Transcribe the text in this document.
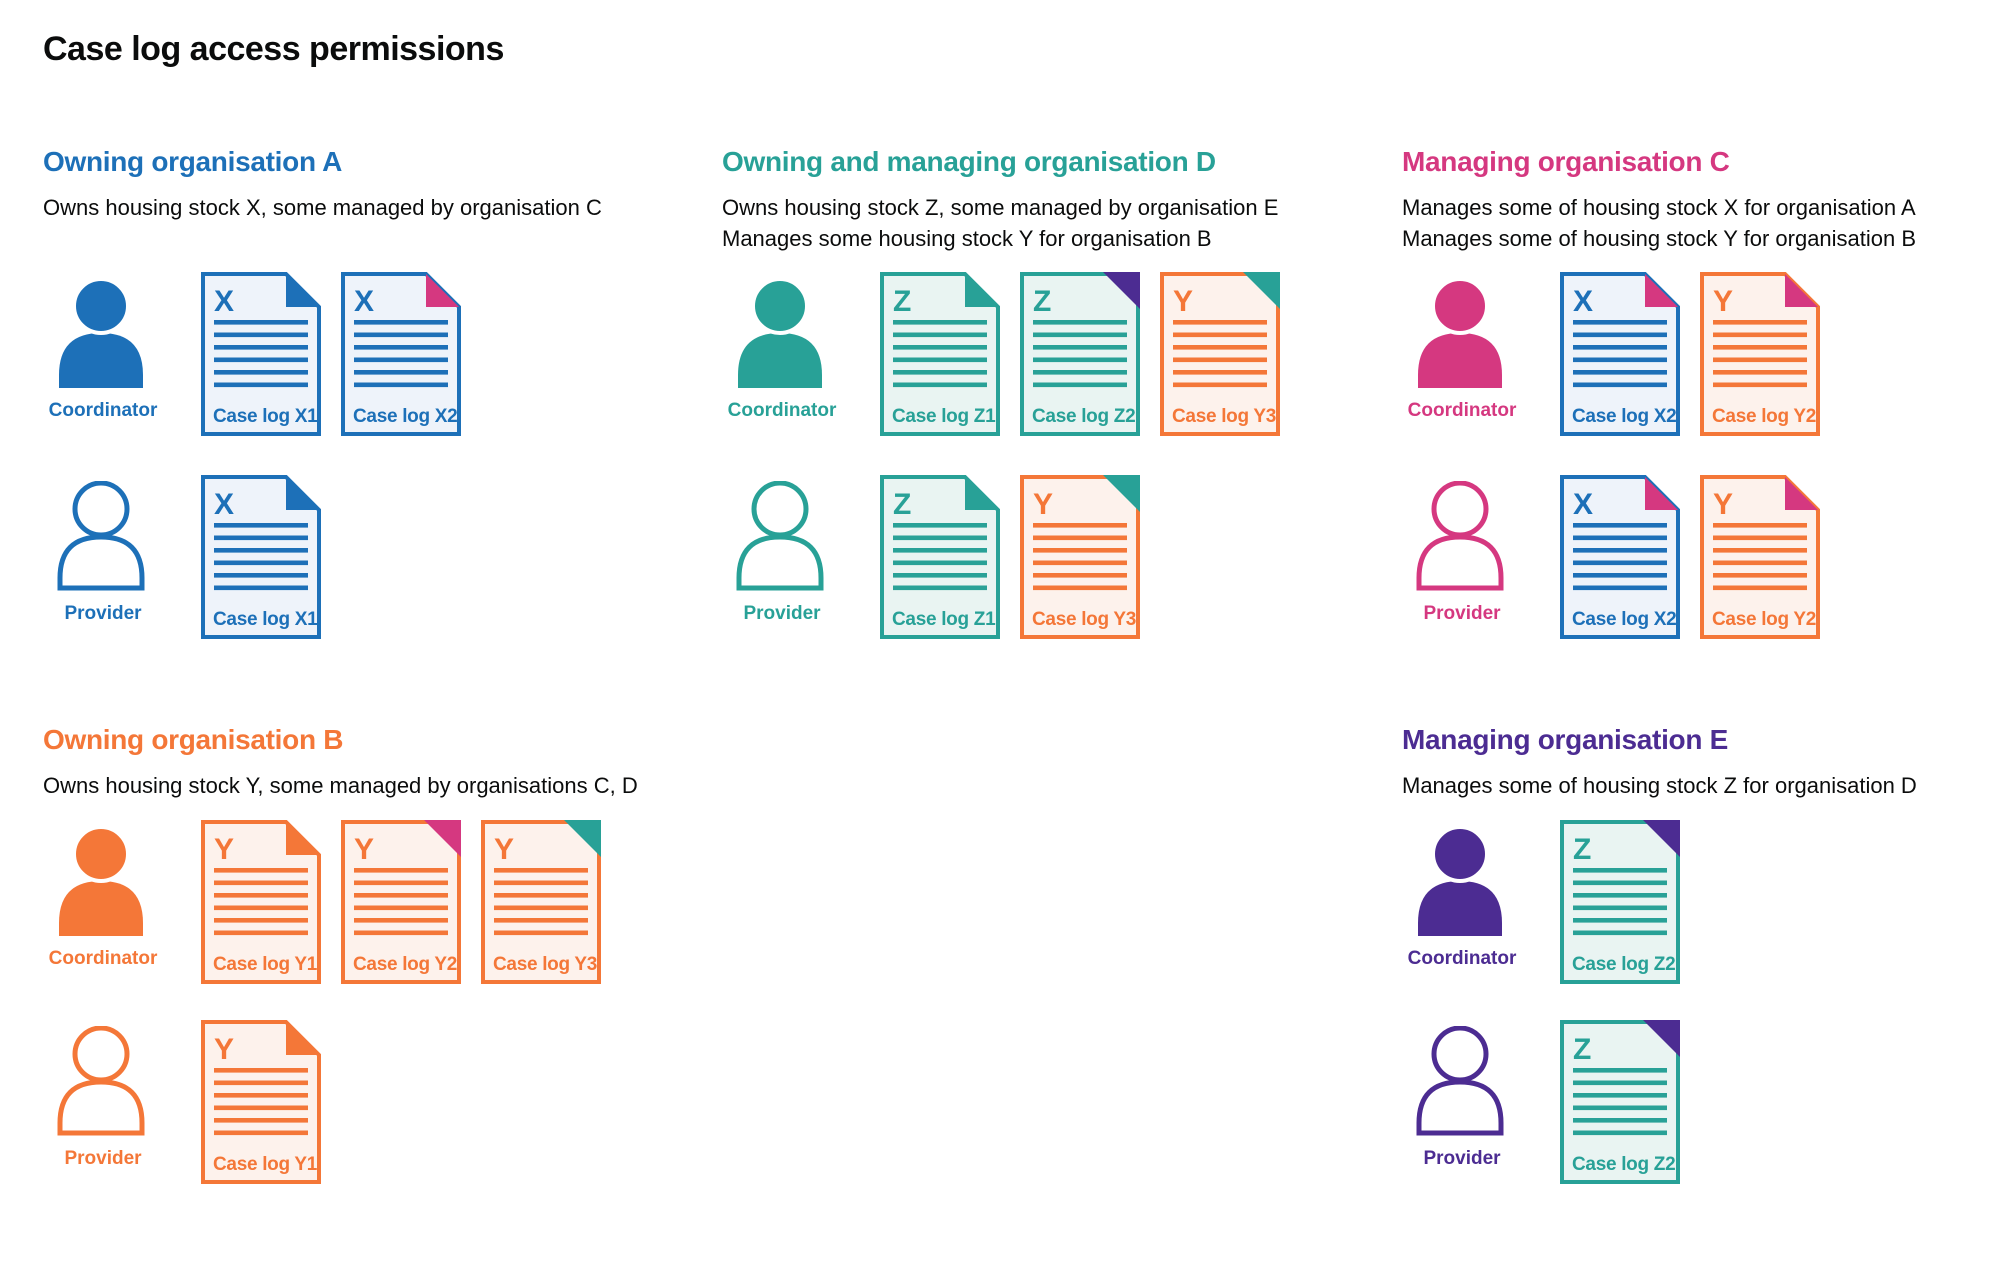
Case log access permissions
Owning organisation A
Owns housing stock X, some managed by organisation C
Coordinator
X
Case log X1
X
Case log X2
Provider
X
Case log X1
Owning and managing organisation D
Owns housing stock Z, some managed by organisation E
Manages some housing stock Y for organisation B
Coordinator
Z
Case log Z1
Z
Case log Z2
Y
Case log Y3
Provider
Z
Case log Z1
Y
Case log Y3
Managing organisation C
Manages some of housing stock X for organisation A
Manages some of housing stock Y for organisation B
Coordinator
X
Case log X2
Y
Case log Y2
Provider
X
Case log X2
Y
Case log Y2
Owning organisation B
Owns housing stock Y, some managed by organisations C, D
Coordinator
Y
Case log Y1
Y
Case log Y2
Y
Case log Y3
Provider
Y
Case log Y1
Managing organisation E
Manages some of housing stock Z for organisation D
Coordinator
Z
Case log Z2
Provider
Z
Case log Z2
